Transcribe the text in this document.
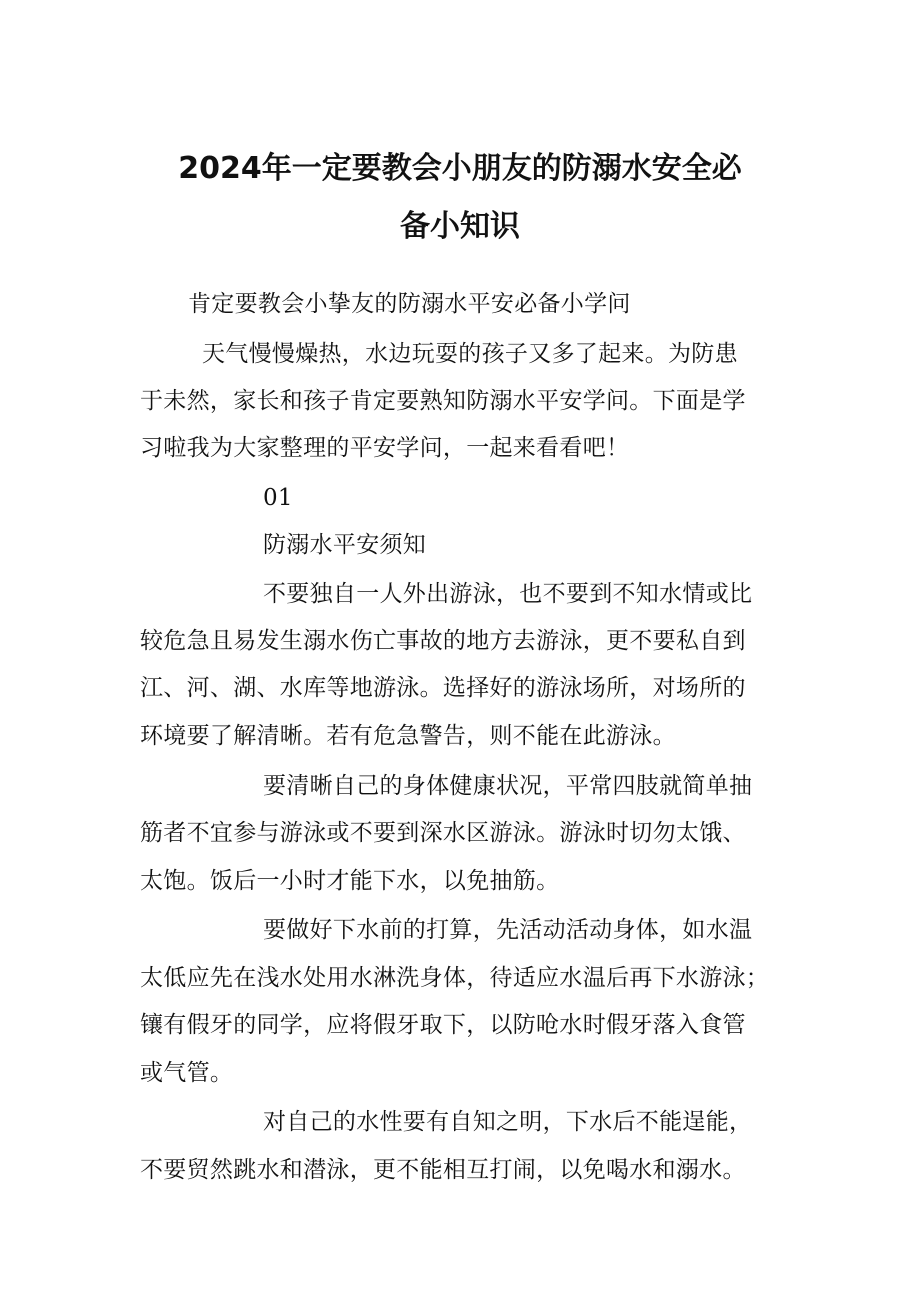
2024年一定要教会小朋友的防溺水安全必
备小知识
肯定要教会小挚友的防溺水平安必备小学问
天气慢慢燥热，水边玩耍的孩子又多了起来。为防患
于未然，家长和孩子肯定要熟知防溺水平安学问。下面是学
习啦我为大家整理的平安学问，一起来看看吧！
01
防溺水平安须知
不要独自一人外出游泳，也不要到不知水情或比
较危急且易发生溺水伤亡事故的地方去游泳，更不要私自到
江、河、湖、水库等地游泳。选择好的游泳场所，对场所的
环境要了解清晰。若有危急警告，则不能在此游泳。
要清晰自己的身体健康状况，平常四肢就简单抽
筋者不宜参与游泳或不要到深水区游泳。游泳时切勿太饿、
太饱。饭后一小时才能下水，以免抽筋。
要做好下水前的打算，先活动活动身体，如水温
太低应先在浅水处用水淋洗身体，待适应水温后再下水游泳；
镶有假牙的同学，应将假牙取下，以防呛水时假牙落入食管
或气管。
对自己的水性要有自知之明，下水后不能逞能，
不要贸然跳水和潜泳，更不能相互打闹，以免喝水和溺水。
